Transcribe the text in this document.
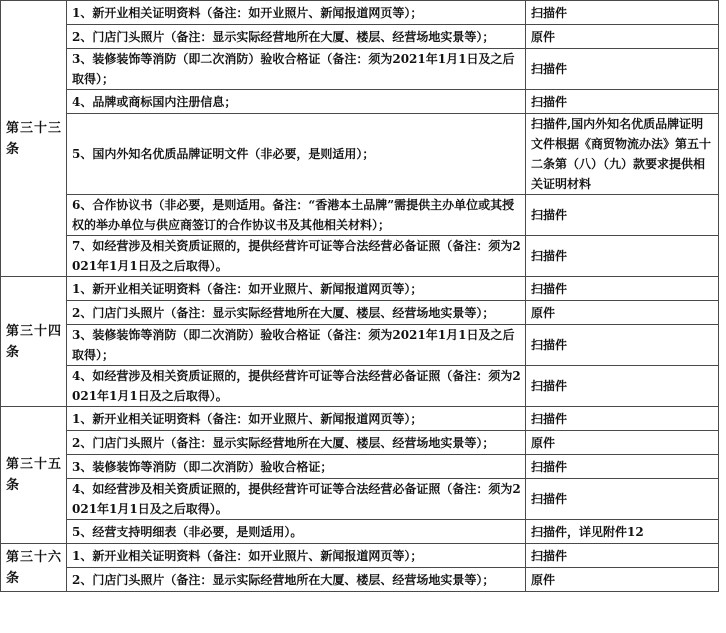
第三十三条	1、新开业相关证明资料（备注：如开业照片、新闻报道网页等）；	扫描件
	2、门店门头照片（备注：显示实际经营地所在大厦、楼层、经营场地实景等）；	原件
	3、装修装饰等消防（即二次消防）验收合格证（备注：须为2021年1月1日及之后取得）；	扫描件
	4、品牌或商标国内注册信息；	扫描件
	5、国内外知名优质品牌证明文件（非必要，是则适用）；	扫描件,国内外知名优质品牌证明文件根据《商贸物流办法》第五十二条第（八）（九）款要求提供相关证明材料
	6、合作协议书（非必要，是则适用。备注：“香港本土品牌”需提供主办单位或其授权的举办单位与供应商签订的合作协议书及其他相关材料）；	扫描件
	7、如经营涉及相关资质证照的，提供经营许可证等合法经营必备证照（备注：须为2021年1月1日及之后取得）。	扫描件
第三十四条	1、新开业相关证明资料（备注：如开业照片、新闻报道网页等）；	扫描件
	2、门店门头照片（备注：显示实际经营地所在大厦、楼层、经营场地实景等）；	原件
	3、装修装饰等消防（即二次消防）验收合格证（备注：须为2021年1月1日及之后取得）；	扫描件
	4、如经营涉及相关资质证照的，提供经营许可证等合法经营必备证照（备注：须为2021年1月1日及之后取得）。	扫描件
第三十五条	1、新开业相关证明资料（备注：如开业照片、新闻报道网页等）；	扫描件
	2、门店门头照片（备注：显示实际经营地所在大厦、楼层、经营场地实景等）；	原件
	3、装修装饰等消防（即二次消防）验收合格证；	扫描件
	4、如经营涉及相关资质证照的，提供经营许可证等合法经营必备证照（备注：须为2021年1月1日及之后取得）。	扫描件
	5、经营支持明细表（非必要，是则适用）。	扫描件，详见附件12
第三十六条	1、新开业相关证明资料（备注：如开业照片、新闻报道网页等）；	扫描件
	2、门店门头照片（备注：显示实际经营地所在大厦、楼层、经营场地实景等）；	原件
